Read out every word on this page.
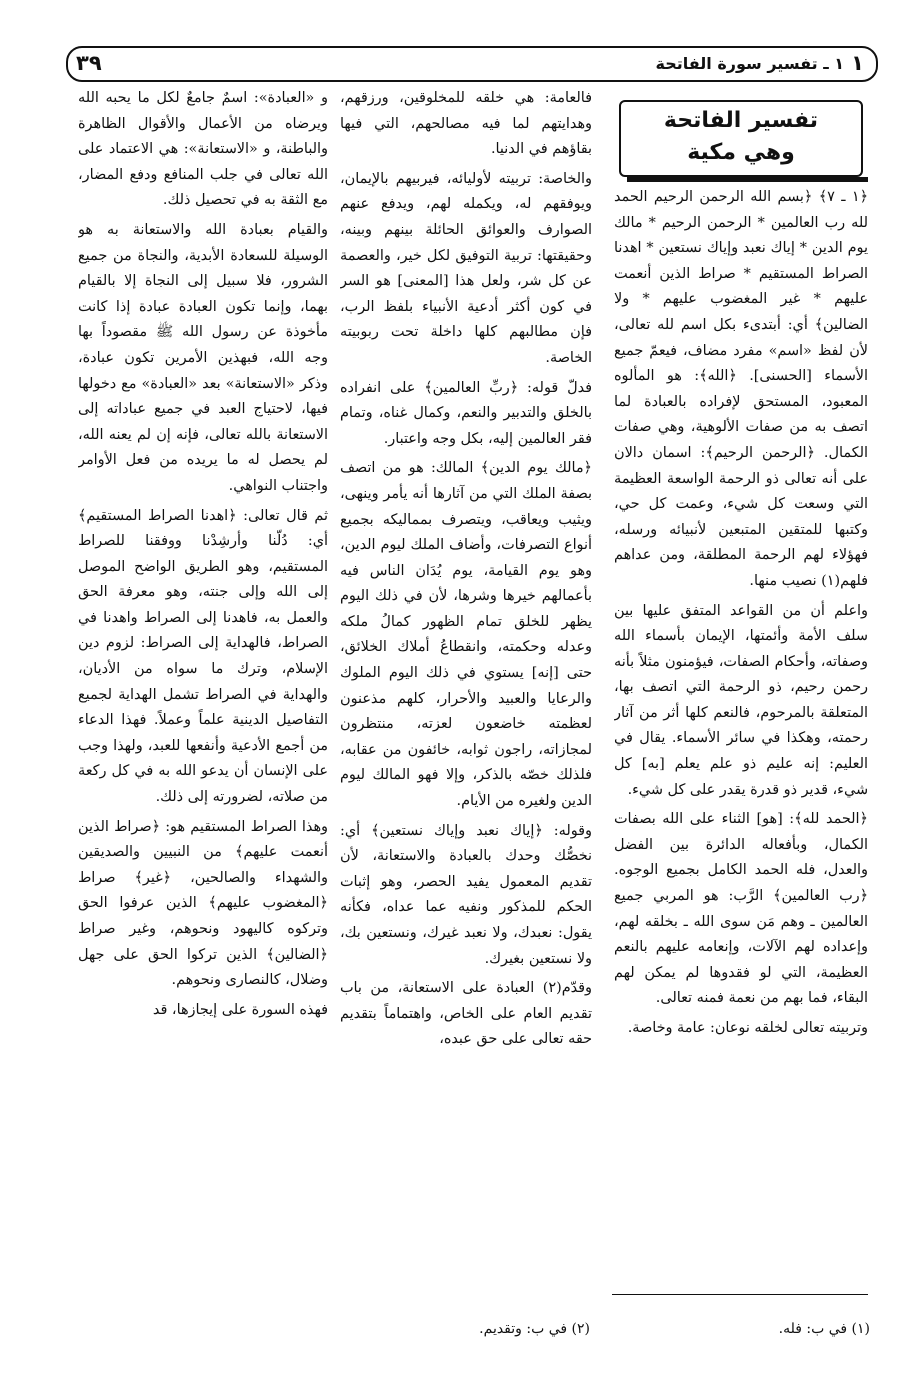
١
١ ـ تفسير سورة الفاتحة
٣٩
تفسير الفاتحة
وهي مكية

﴿١ ـ ٧﴾ ﴿بسم الله الرحمن الرحيم الحمد لله رب العالمين * الرحمن الرحيم * مالك يوم الدين * إياك نعبد وإياك نستعين * اهدنا الصراط المستقيم * صراط الذين أنعمت عليهم * غير المغضوب عليهم * ولا الضالين﴾ أي: أبتدىء بكل اسم لله تعالى، لأن لفظ «اسم» مفرد مضاف، فيعمّ جميع الأسماء [الحسنى]. ﴿الله﴾: هو المألوه المعبود، المستحق لإفراده بالعبادة لما اتصف به من صفات الألوهية، وهي صفات الكمال. ﴿الرحمن الرحيم﴾: اسمان دالان على أنه تعالى ذو الرحمة الواسعة العظيمة التي وسعت كل شيء، وعمت كل حي، وكتبها للمتقين المتبعين لأنبيائه ورسله، فهؤلاء لهم الرحمة المطلقة، ومن عداهم فلهم(١) نصيب منها.

واعلم أن من القواعد المتفق عليها بين سلف الأمة وأئمتها، الإيمان بأسماء الله وصفاته، وأحكام الصفات، فيؤمنون مثلاً بأنه رحمن رحيم، ذو الرحمة التي اتصف بها، المتعلقة بالمرحوم، فالنعم كلها أثر من آثار رحمته، وهكذا في سائر الأسماء. يقال في العليم: إنه عليم ذو علم يعلم [به] كل شيء، قدير ذو قدرة يقدر على كل شيء.

﴿الحمد لله﴾: [هو] الثناء على الله بصفات الكمال، وبأفعاله الدائرة بين الفضل والعدل، فله الحمد الكامل بجميع الوجوه. ﴿رب العالمين﴾ الرَّب: هو المربي جميع العالمين ـ وهم مَن سوى الله ـ بخلقه لهم، وإعداده لهم الآلات، وإنعامه عليهم بالنعم العظيمة، التي لو فقدوها لم يمكن لهم البقاء، فما بهم من نعمة فمنه تعالى.

وتربيته تعالى لخلقه نوعان: عامة وخاصة.

فالعامة: هي خلقه للمخلوقين، ورزقهم، وهدايتهم لما فيه مصالحهم، التي فيها بقاؤهم في الدنيا.

والخاصة: تربيته لأوليائه، فيربيهم بالإيمان، ويوفقهم له، ويكمله لهم، ويدفع عنهم الصوارف والعوائق الحائلة بينهم وبينه، وحقيقتها: تربية التوفيق لكل خير، والعصمة عن كل شر، ولعل هذا [المعنى] هو السر في كون أكثر أدعية الأنبياء بلفظ الرب، فإن مطالبهم كلها داخلة تحت ربوبيته الخاصة.

فدلّ قوله: ﴿ربِّ العالمين﴾ على انفراده بالخلق والتدبير والنعم، وكمال غناه، وتمام فقر العالمين إليه، بكل وجه واعتبار.

﴿مالك يوم الدين﴾ المالك: هو من اتصف بصفة الملك التي من آثارها أنه يأمر وينهى، ويثيب ويعاقب، ويتصرف بمماليكه بجميع أنواع التصرفات، وأضاف الملك ليوم الدين، وهو يوم القيامة، يوم يُدَان الناس فيه بأعمالهم خيرها وشرها، لأن في ذلك اليوم يظهر للخلق تمام الظهور كمالُ ملكه وعدله وحكمته، وانقطاعُ أملاك الخلائق، حتى [إنه] يستوي في ذلك اليوم الملوك والرعايا والعبيد والأحرار، كلهم مذعنون لعظمته خاضعون لعزته، منتظرون لمجازاته، راجون ثوابه، خائفون من عقابه، فلذلك خصّه بالذكر، وإلا فهو المالك ليوم الدين ولغيره من الأيام.

وقوله: ﴿إياك نعبد وإياك نستعين﴾ أي: نخصُّك وحدك بالعبادة والاستعانة، لأن تقديم المعمول يفيد الحصر، وهو إثبات الحكم للمذكور ونفيه عما عداه، فكأنه يقول: نعبدك، ولا نعبد غيرك، ونستعين بك، ولا نستعين بغيرك.

وقدّم(٢) العبادة على الاستعانة، من باب تقديم العام على الخاص، واهتماماً بتقديم حقه تعالى على حق عبده،

و «العبادة»: اسمٌ جامعٌ لكل ما يحبه الله ويرضاه من الأعمال والأقوال الظاهرة والباطنة، و «الاستعانة»: هي الاعتماد على الله تعالى في جلب المنافع ودفع المضار، مع الثقة به في تحصيل ذلك.

والقيام بعبادة الله والاستعانة به هو الوسيلة للسعادة الأبدية، والنجاة من جميع الشرور، فلا سبيل إلى النجاة إلا بالقيام بهما، وإنما تكون العبادة عبادة إذا كانت مأخوذة عن رسول الله ﷺ مقصوداً بها وجه الله، فبهذين الأمرين تكون عبادة، وذكر «الاستعانة» بعد «العبادة» مع دخولها فيها، لاحتياج العبد في جميع عباداته إلى الاستعانة بالله تعالى، فإنه إن لم يعنه الله، لم يحصل له ما يريده من فعل الأوامر واجتناب النواهي.

ثم قال تعالى: ﴿اهدنا الصراط المستقيم﴾ أي: دُلّنا وأرشِدْنا ووفقنا للصراط المستقيم، وهو الطريق الواضح الموصل إلى الله وإلى جنته، وهو معرفة الحق والعمل به، فاهدنا إلى الصراط واهدنا في الصراط، فالهداية إلى الصراط: لزوم دين الإسلام، وترك ما سواه من الأديان، والهداية في الصراط تشمل الهداية لجميع التفاصيل الدينية علماً وعملاً. فهذا الدعاء من أجمع الأدعية وأنفعها للعبد، ولهذا وجب على الإنسان أن يدعو الله به في كل ركعة من صلاته، لضرورته إلى ذلك.

وهذا الصراط المستقيم هو: ﴿صراط الذين أنعمت عليهم﴾ من النبيين والصديقين والشهداء والصالحين، ﴿غير﴾ صراط ﴿المغضوب عليهم﴾ الذين عرفوا الحق وتركوه كاليهود ونحوهم، وغير صراط ﴿الضالين﴾ الذين تركوا الحق على جهل وضلال، كالنصارى ونحوهم.

فهذه السورة على إيجازها، قد

(١) في ب: فله.
(٢) في ب: وتقديم.
